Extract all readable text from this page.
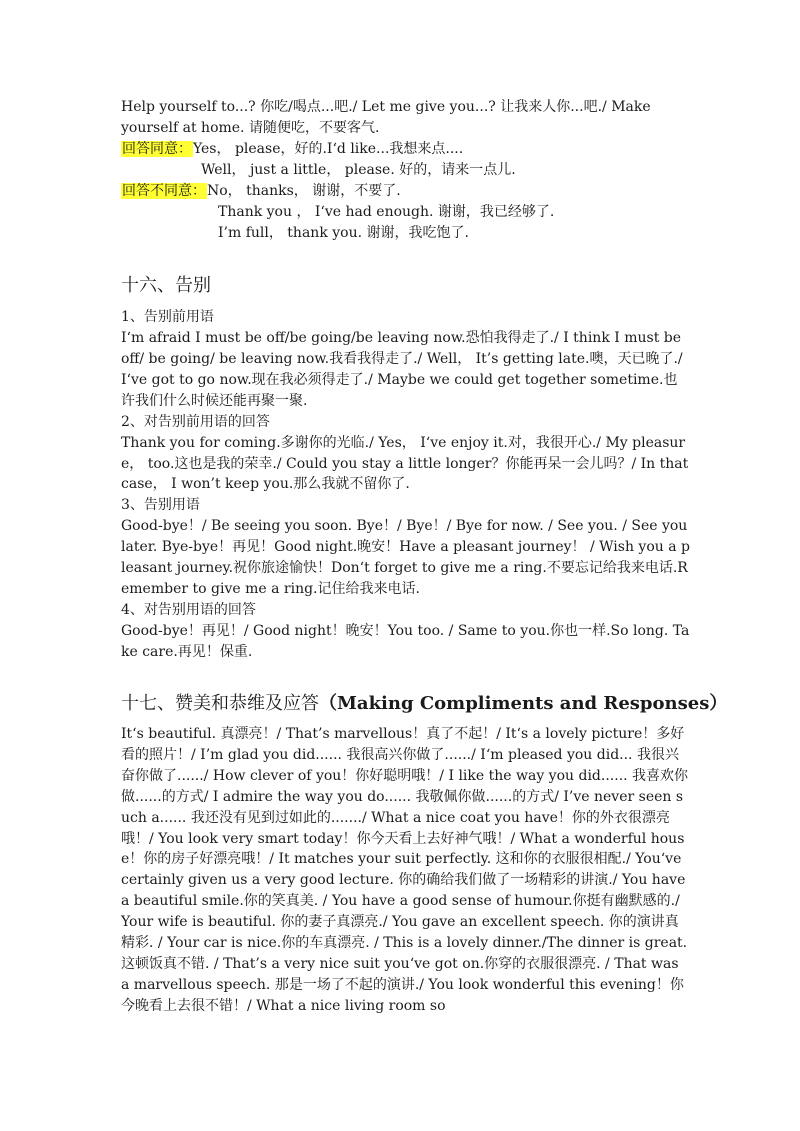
Help yourself to...? 你吃/喝点...吧./ Let me give you...? 让我来人你...吧./ Make
yourself at home. 请随便吃，不要客气.
回答同意：Yes， please，好的.I‘d like...我想来点....
Well， just a little， please. 好的，请来一点儿.
回答不同意：No， thanks， 谢谢，不要了.
Thank you ， I‘ve had enough. 谢谢，我已经够了.
I’m full， thank you. 谢谢，我吃饱了.
十六、告别
1、告别前用语

I‘m afraid I must be off/be going/be leaving now.恐怕我得走了./ I think I must be off/ be going/ be leaving now.我看我得走了./ Well， It’s getting late.噢，天已晚了./ I‘ve got to go now.现在我必须得走了./ Maybe we could get together sometime.也许我们什么时候还能再聚一聚.

2、对告别前用语的回答

Thank you for coming.多谢你的光临./ Yes， I‘ve enjoy it.对，我很开心./ My pleasure， too.这也是我的荣幸./ Could you stay a little longer？你能再呆一会儿吗？/ In that case， I won’t keep you.那么我就不留你了.

3、告别用语

Good-bye！/ Be seeing you soon. Bye！/ Bye！/ Bye for now. / See you. / See you later. Bye-bye！再见！Good night.晚安！Have a pleasant journey！ / Wish you a pleasant journey.祝你旅途愉快！Don‘t forget to give me a ring.不要忘记给我来电话.Remember to give me a ring.记住给我来电话.

4、对告别用语的回答

Good-bye！再见！/ Good night！晚安！You too. / Same to you.你也一样.So long. Take care.再见！保重.

十七、赞美和恭维及应答（Making Compliments and Responses）

It‘s beautiful. 真漂亮！/ That’s marvellous！真了不起！/ It‘s a lovely picture！多好看的照片！/ I’m glad you did...... 我很高兴你做了....../ I‘m pleased you did... 我很兴奋你做了....../ How clever of you！你好聪明哦！/ I like the way you did...... 我喜欢你做......的方式/ I admire the way you do...... 我敬佩你做......的方式/ I’ve never seen such a...... 我还没有见到过如此的......./ What a nice coat you have！你的外衣很漂亮哦！/ You look very smart today！你今天看上去好神气哦！/ What a wonderful house！你的房子好漂亮哦！/ It matches your suit perfectly. 这和你的衣服很相配./ You‘ve certainly given us a very good lecture. 你的确给我们做了一场精彩的讲演./ You have a beautiful smile.你的笑真美. / You have a good sense of humour.你挺有幽默感的./ Your wife is beautiful. 你的妻子真漂亮./ You gave an excellent speech. 你的演讲真精彩. / Your car is nice.你的车真漂亮. / This is a lovely dinner./The dinner is great.这顿饭真不错. / That’s a very nice suit you‘ve got on.你穿的衣服很漂亮. / That was a marvellous speech. 那是一场了不起的演讲./ You look wonderful this evening！你今晚看上去很不错！/ What a nice living room so
